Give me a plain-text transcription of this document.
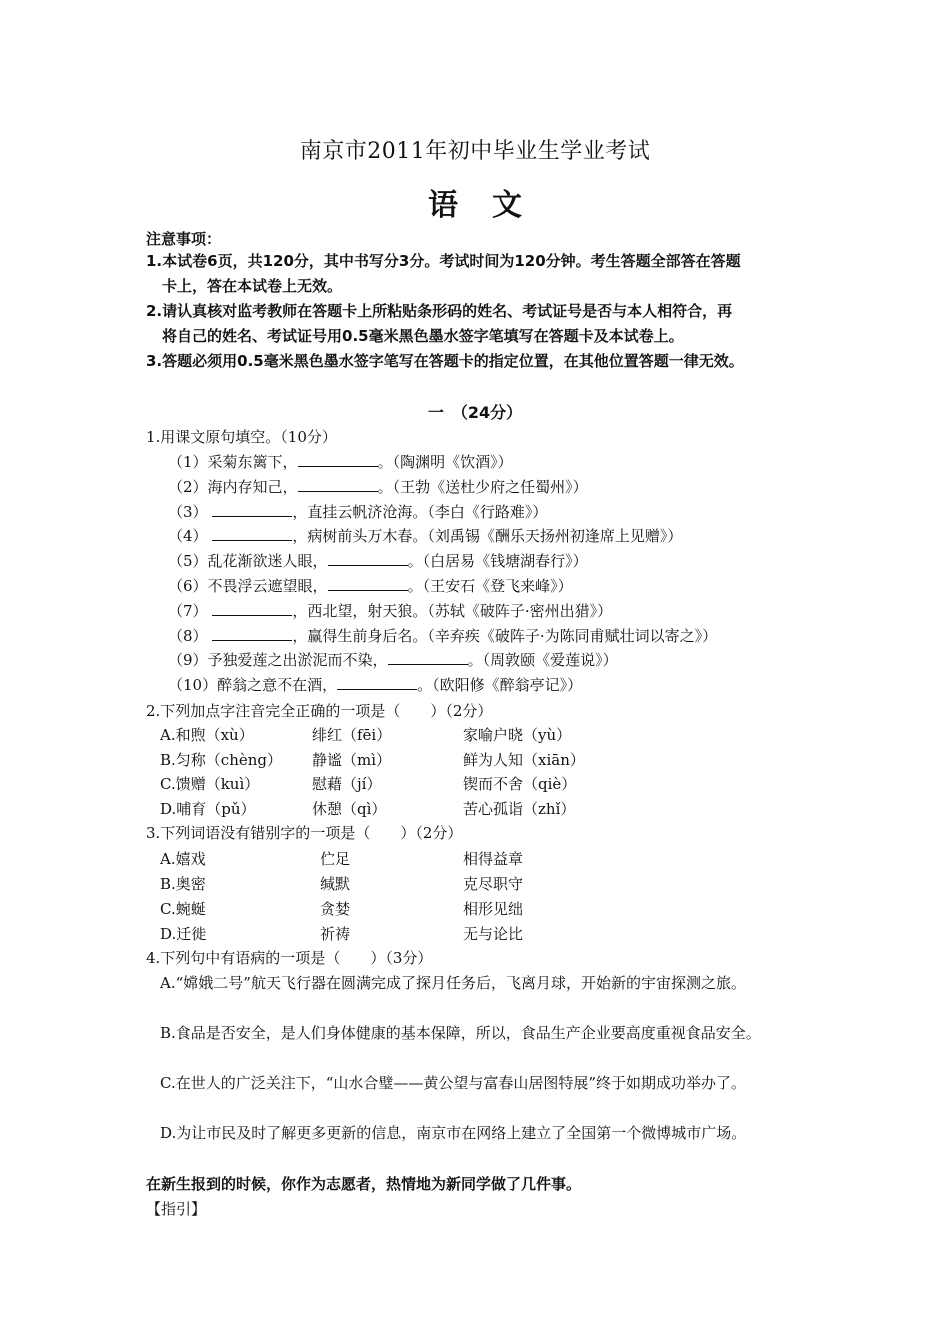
南京市2011年初中毕业生学业考试
语文
注意事项：
1.本试卷6页，共120分，其中书写分3分。考试时间为120分钟。考生答题全部答在答题
卡上，答在本试卷上无效。
2.请认真核对监考教师在答题卡上所粘贴条形码的姓名、考试证号是否与本人相符合，再
将自己的姓名、考试证号用0.5毫米黑色墨水签字笔填写在答题卡及本试卷上。
3.答题必须用0.5毫米黑色墨水签字笔写在答题卡的指定位置，在其他位置答题一律无效。
一　（24分）
1.用课文原句填空。（10分）
（1）采菊东篱下，	。（陶渊明《饮酒》）
（2）海内存知己，	。（王勃《送杜少府之任蜀州》）
（3）	，直挂云帆济沧海。（李白《行路难》）
（4）	，病树前头万木春。（刘禹锡《酬乐天扬州初逢席上见赠》）
（5）乱花渐欲迷人眼，	。（白居易《钱塘湖春行》）
（6）不畏浮云遮望眼，	。（王安石《登飞来峰》）
（7）	，西北望，射天狼。（苏轼《破阵子·密州出猎》）
（8）	，赢得生前身后名。（辛弃疾《破阵子·为陈同甫赋壮词以寄之》）
（9）予独爱莲之出淤泥而不染，	。（周敦颐《爱莲说》）
（10）醉翁之意不在酒，	。（欧阳修《醉翁亭记》）
2.下列加点字注音完全正确的一项是（　　）（2分）
A.和煦（xù）	绯红（fēi）	家喻户晓（yù）
B.匀称（chèng） 静谧（mì）	鲜为人知（xiān）
C.馈赠（kuì）	慰藉（jí）	锲而不舍（qiè）
D.哺育（pǔ）	休憩（qì）	苦心孤诣（zhǐ）
3.下列词语没有错别字的一项是（　　）（2分）
A.嬉戏	伫足	相得益章
B.奥密	缄默	克尽职守
C.蜿蜒	贪婪	相形见绌
D.迁徙	祈祷	无与论比
4.下列句中有语病的一项是（　　）（3分）
A.“嫦娥二号”航天飞行器在圆满完成了探月任务后，飞离月球，开始新的宇宙探测之旅。
B.食品是否安全，是人们身体健康的基本保障，所以，食品生产企业要高度重视食品安全。
C.在世人的广泛关注下，“山水合璧——黄公望与富春山居图特展”终于如期成功举办了。
D.为让市民及时了解更多更新的信息，南京市在网络上建立了全国第一个微博城市广场。
在新生报到的时候，你作为志愿者，热情地为新同学做了几件事。
【指引】
